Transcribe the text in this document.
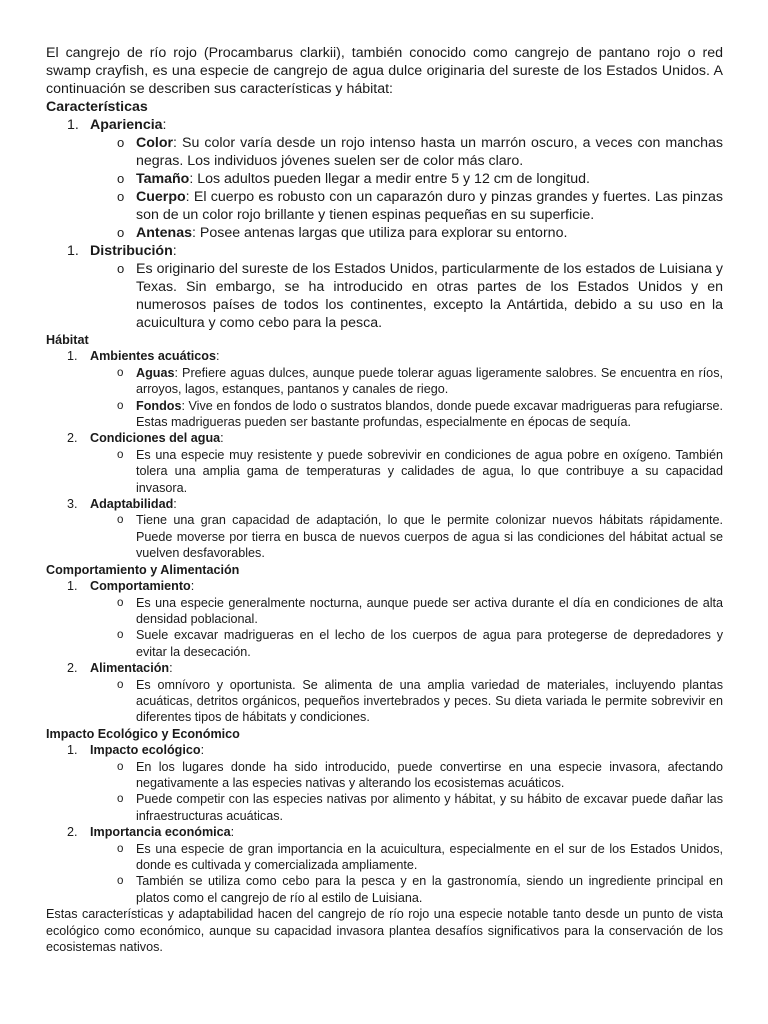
El cangrejo de río rojo (Procambarus clarkii), también conocido como cangrejo de pantano rojo o red swamp crayfish, es una especie de cangrejo de agua dulce originaria del sureste de los Estados Unidos. A continuación se describen sus características y hábitat:

Características
1. Apariencia:
o Color: Su color varía desde un rojo intenso hasta un marrón oscuro, a veces con manchas negras. Los individuos jóvenes suelen ser de color más claro.
o Tamaño: Los adultos pueden llegar a medir entre 5 y 12 cm de longitud.
o Cuerpo: El cuerpo es robusto con un caparazón duro y pinzas grandes y fuertes. Las pinzas son de un color rojo brillante y tienen espinas pequeñas en su superficie.
o Antenas: Posee antenas largas que utiliza para explorar su entorno.
1. Distribución:
o Es originario del sureste de los Estados Unidos, particularmente de los estados de Luisiana y Texas. Sin embargo, se ha introducido en otras partes de los Estados Unidos y en numerosos países de todos los continentes, excepto la Antártida, debido a su uso en la acuicultura y como cebo para la pesca.
Hábitat
1. Ambientes acuáticos:
o Aguas: Prefiere aguas dulces, aunque puede tolerar aguas ligeramente salobres. Se encuentra en ríos, arroyos, lagos, estanques, pantanos y canales de riego.
o Fondos: Vive en fondos de lodo o sustratos blandos, donde puede excavar madrigueras para refugiarse. Estas madrigueras pueden ser bastante profundas, especialmente en épocas de sequía.
2. Condiciones del agua:
o Es una especie muy resistente y puede sobrevivir en condiciones de agua pobre en oxígeno. También tolera una amplia gama de temperaturas y calidades de agua, lo que contribuye a su capacidad invasora.
3. Adaptabilidad:
o Tiene una gran capacidad de adaptación, lo que le permite colonizar nuevos hábitats rápidamente. Puede moverse por tierra en busca de nuevos cuerpos de agua si las condiciones del hábitat actual se vuelven desfavorables.
Comportamiento y Alimentación
1. Comportamiento:
o Es una especie generalmente nocturna, aunque puede ser activa durante el día en condiciones de alta densidad poblacional.
o Suele excavar madrigueras en el lecho de los cuerpos de agua para protegerse de depredadores y evitar la desecación.
2. Alimentación:
o Es omnívoro y oportunista. Se alimenta de una amplia variedad de materiales, incluyendo plantas acuáticas, detritos orgánicos, pequeños invertebrados y peces. Su dieta variada le permite sobrevivir en diferentes tipos de hábitats y condiciones.
Impacto Ecológico y Económico
1. Impacto ecológico:
o En los lugares donde ha sido introducido, puede convertirse en una especie invasora, afectando negativamente a las especies nativas y alterando los ecosistemas acuáticos.
o Puede competir con las especies nativas por alimento y hábitat, y su hábito de excavar puede dañar las infraestructuras acuáticas.
2. Importancia económica:
o Es una especie de gran importancia en la acuicultura, especialmente en el sur de los Estados Unidos, donde es cultivada y comercializada ampliamente.
o También se utiliza como cebo para la pesca y en la gastronomía, siendo un ingrediente principal en platos como el cangrejo de río al estilo de Luisiana.

Estas características y adaptabilidad hacen del cangrejo de río rojo una especie notable tanto desde un punto de vista ecológico como económico, aunque su capacidad invasora plantea desafíos significativos para la conservación de los ecosistemas nativos.
